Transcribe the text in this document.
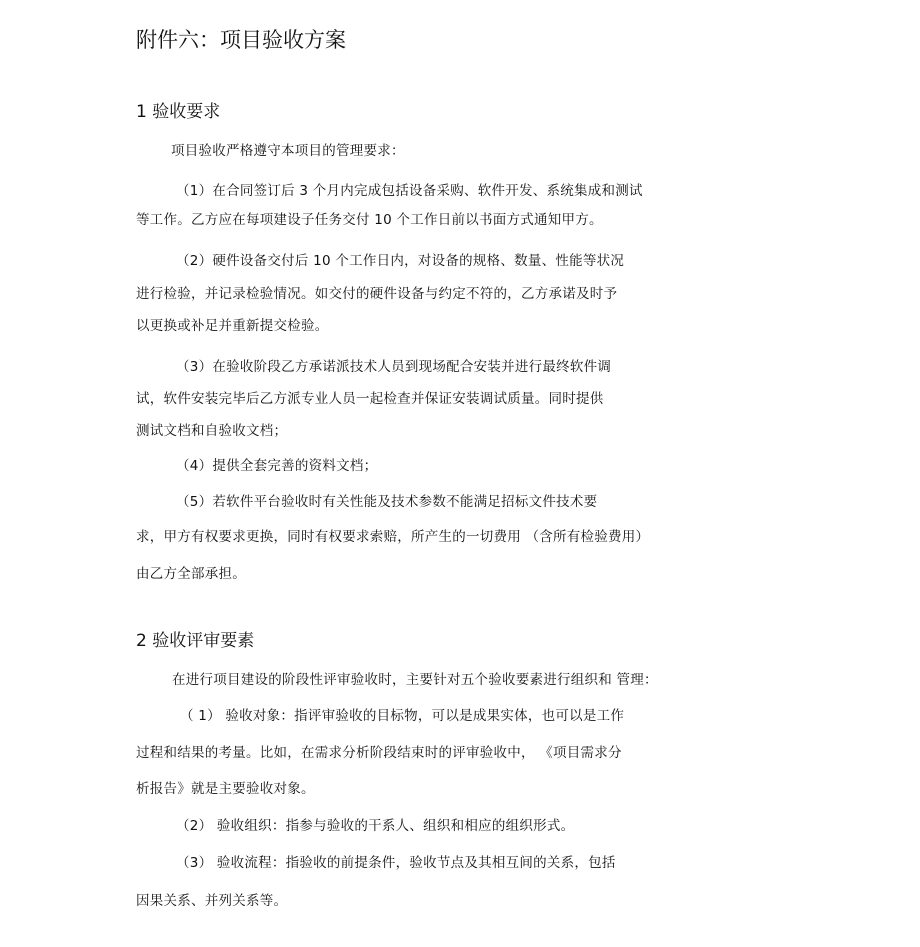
附件六：项目验收方案
1 验收要求
项目验收严格遵守本项目的管理要求：
（1）在合同签订后 3 个月内完成包括设备采购、软件开发、系统集成和测试
等工作。乙方应在每项建设子任务交付 10 个工作日前以书面方式通知甲方。
（2）硬件设备交付后 10 个工作日内，对设备的规格、数量、性能等状况
进行检验，并记录检验情况。如交付的硬件设备与约定不符的，乙方承诺及时予
以更换或补足并重新提交检验。
（3）在验收阶段乙方承诺派技术人员到现场配合安装并进行最终软件调
试，软件安装完毕后乙方派专业人员一起检查并保证安装调试质量。同时提供
测试文档和自验收文档；
（4）提供全套完善的资料文档；
（5）若软件平台验收时有关性能及技术参数不能满足招标文件技术要
求，甲方有权要求更换，同时有权要求索赔，所产生的一切费用 （含所有检验费用）
由乙方全部承担。
2 验收评审要素
在进行项目建设的阶段性评审验收时，主要针对五个验收要素进行组织和 管理：
（ 1） 验收对象：指评审验收的目标物，可以是成果实体，也可以是工作
过程和结果的考量。比如，在需求分析阶段结束时的评审验收中， 《项目需求分
析报告》就是主要验收对象。
（2） 验收组织：指参与验收的干系人、组织和相应的组织形式。
（3） 验收流程：指验收的前提条件，验收节点及其相互间的关系，包括
因果关系、并列关系等。
